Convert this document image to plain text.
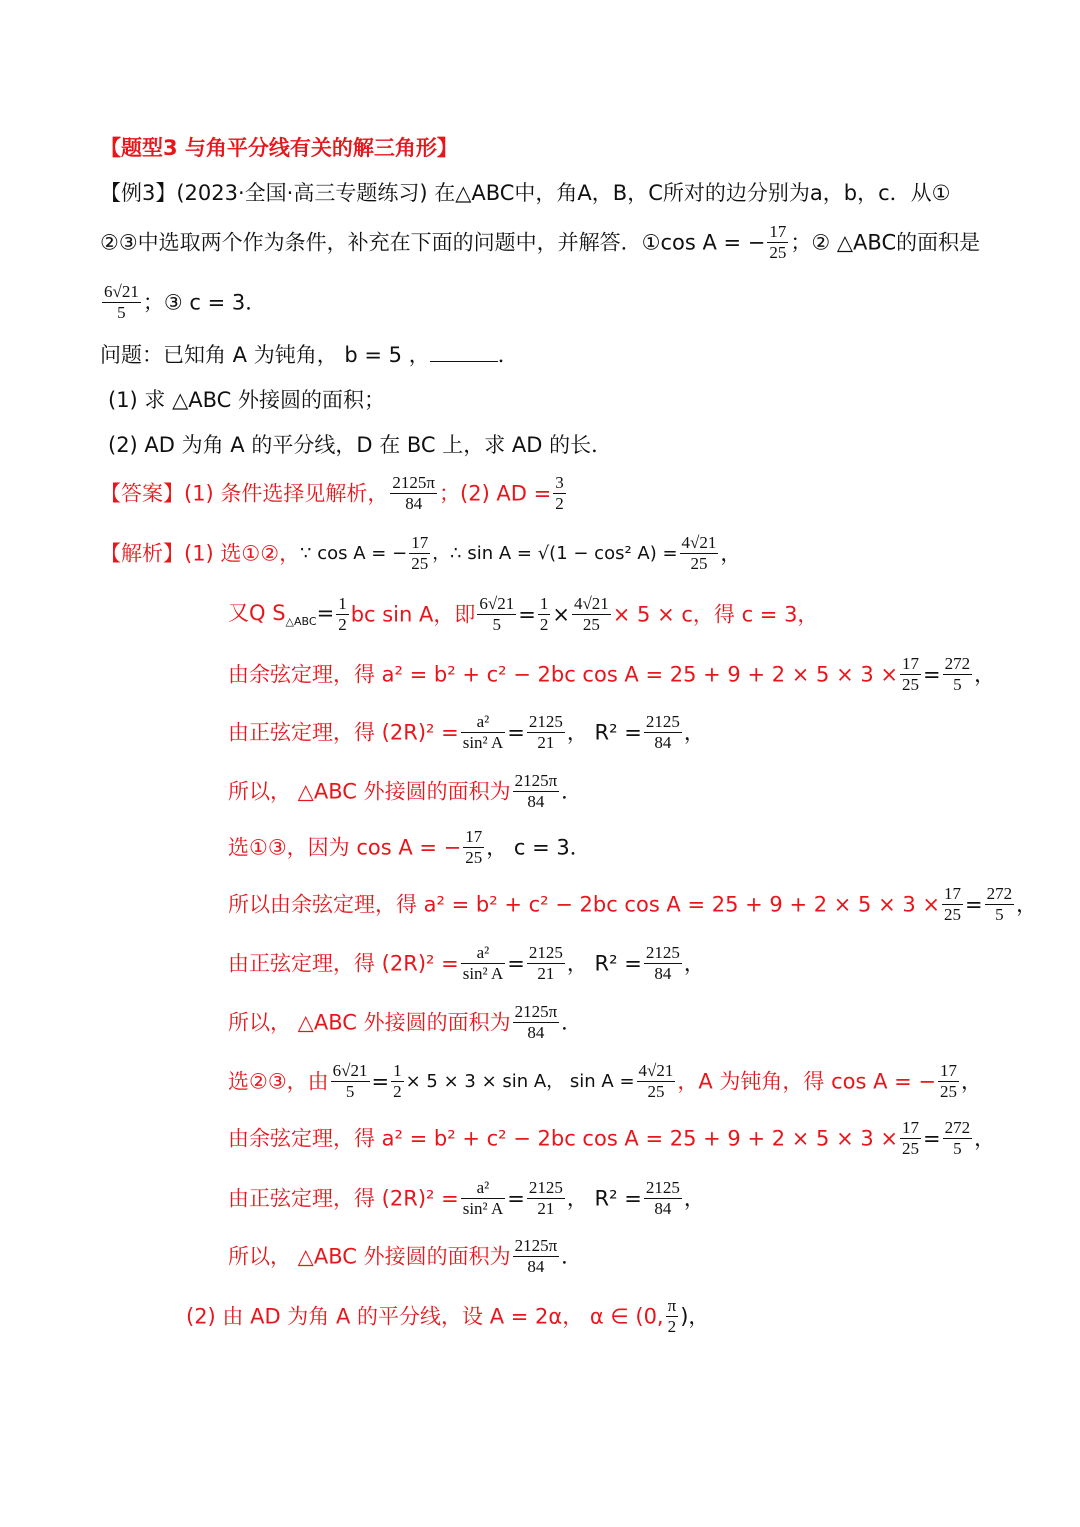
【题型3 与角平分线有关的解三角形】
【例3】(2023·全国·高三专题练习) 在△ABC中，角A，B，C所对的边分别为a，b，c．从①
②③中选取两个作为条件，补充在下面的问题中，并解答．①cos A = − $\frac{17}{25}$ ；② △ABC的面积是
$\frac{6√21}{5}$ ；③ c = 3．
问题：已知角 A 为钝角， b = 5 ，	．
(1) 求 △ABC 外接圆的面积；
(2) AD 为角 A 的平分线，D 在 BC 上，求 AD 的长．
【答案】(1) 条件选择见解析， $\frac{2125\pi}{84}$ ；(2) AD = $\frac{3}{2}$
【解析】(1) 选①②，∵ cos A = − $\frac{17}{25}$ ，∴ sin A = √(1 − cos² $A) = \frac{4√21}{25}$ ，
又Q $S_{\triangle ABC}= \frac{1}{2}$ bc sin A，即 $\frac{6√21}{5} = \frac{1}{2} \times \frac{4√21}{25} \times 5 \times c$，得 c = 3，
由余弦定理，得 a² = b² + c² − 2bc $\cos A = 25 + 9 + 2 \times 5 \times 3 \times \frac{17}{25} = \frac{272}{5}$ ，
由正弦定理，得 $(2R)^2 = \frac{\text{a²}}{\text{sin² A}} = \frac{2125}{21}$ ， $R^2 = \frac{2125}{84}$ ，
所以， △ABC 外接圆的面积为 $\frac{2125\pi}{84}$ ．
选①③，因为 cos A = − $\frac{17}{25}$ ， c = 3．
所以由余弦定理，得 a² = b² + c² − 2bc $\cos A = 25 + 9 + 2 \times 5 \times 3 \times \frac{17}{25} = \frac{272}{5}$ ，
由正弦定理，得 $(2R)^2 = \frac{\text{a²}}{\text{sin² A}} = \frac{2125}{21}$ ， $R^2 = \frac{2125}{84}$ ，
所以， △ABC 外接圆的面积为 $\frac{2125\pi}{84}$ ．
选②③，由 $\frac{6√21}{5} = \frac{1}{2} \times 5 \times 3 \times \sin A$， $\sin A = \frac{4√21}{25}$ ，A 为钝角，得 cos A = − $\frac{17}{25}$ ，
由余弦定理，得 a² = b² + c² − 2bc $\cos A = 25 + 9 + 2 \times 5 \times 3 \times \frac{17}{25} = \frac{272}{5}$ ，
由正弦定理，得 $(2R)^2 = \frac{\text{a²}}{\text{sin² A}} = \frac{2125}{21}$ ， $R^2 = \frac{2125}{84}$ ，
所以， △ABC 外接圆的面积为 $\frac{2125\pi}{84}$ ．
(2) 由 AD 为角 A 的平分线，设 A = 2α， α ∈ (0, $\frac{\pi}{2}$ )，
